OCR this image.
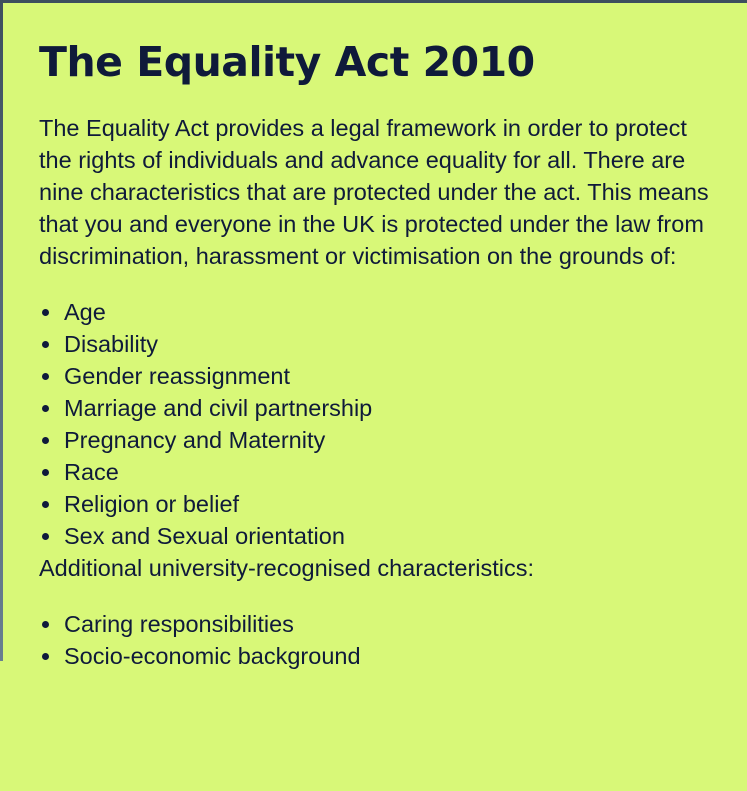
The Equality Act 2010

The Equality Act provides a legal framework in order to protect the rights of individuals and advance equality for all. There are nine characteristics that are protected under the act. This means that you and everyone in the UK is protected under the law from discrimination, harassment or victimisation on the grounds of:

Age
Disability
Gender reassignment
Marriage and civil partnership
Pregnancy and Maternity
Race
Religion or belief
Sex and Sexual orientation

Additional university-recognised characteristics:

Caring responsibilities
Socio-economic background
